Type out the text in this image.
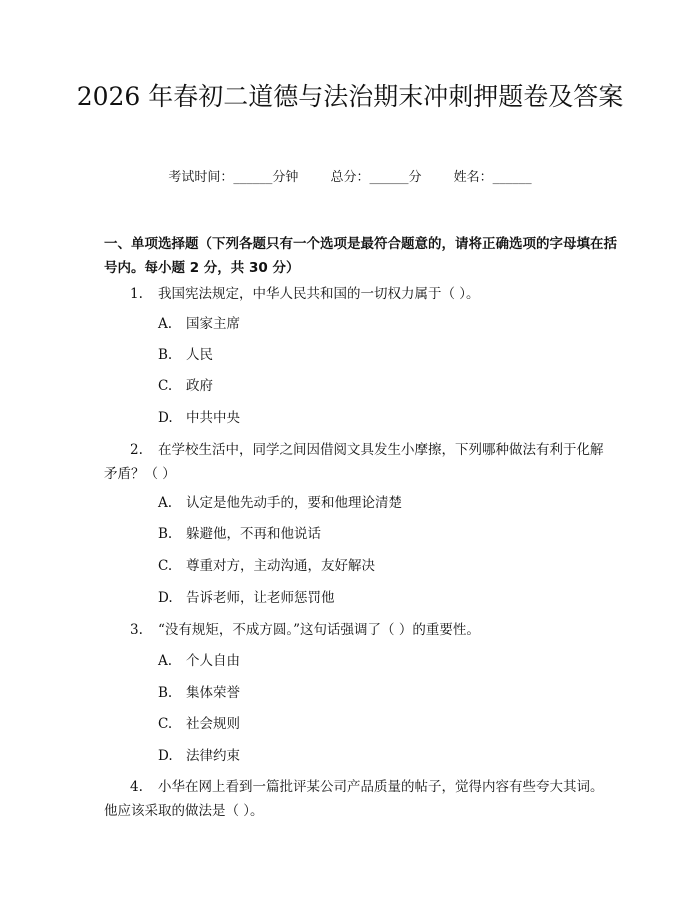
2026 年春初二道德与法治期末冲刺押题卷及答案
考试时间：______分钟 总分：______分 姓名：______

一、单项选择题（下列各题只有一个选项是最符合题意的，请将正确选项的字母填在括号内。每小题 2 分，共 30 分）

1. 我国宪法规定，中华人民共和国的一切权力属于（ ）。
A. 国家主席
B. 人民
C. 政府
D. 中共中央
2. 在学校生活中，同学之间因借阅文具发生小摩擦，下列哪种做法有利于化解矛盾？（ ）
A. 认定是他先动手的，要和他理论清楚
B. 躲避他，不再和他说话
C. 尊重对方，主动沟通，友好解决
D. 告诉老师，让老师惩罚他
3. “没有规矩，不成方圆。”这句话强调了（ ）的重要性。
A. 个人自由
B. 集体荣誉
C. 社会规则
D. 法律约束
4. 小华在网上看到一篇批评某公司产品质量的帖子，觉得内容有些夸大其词。他应该采取的做法是（ ）。
